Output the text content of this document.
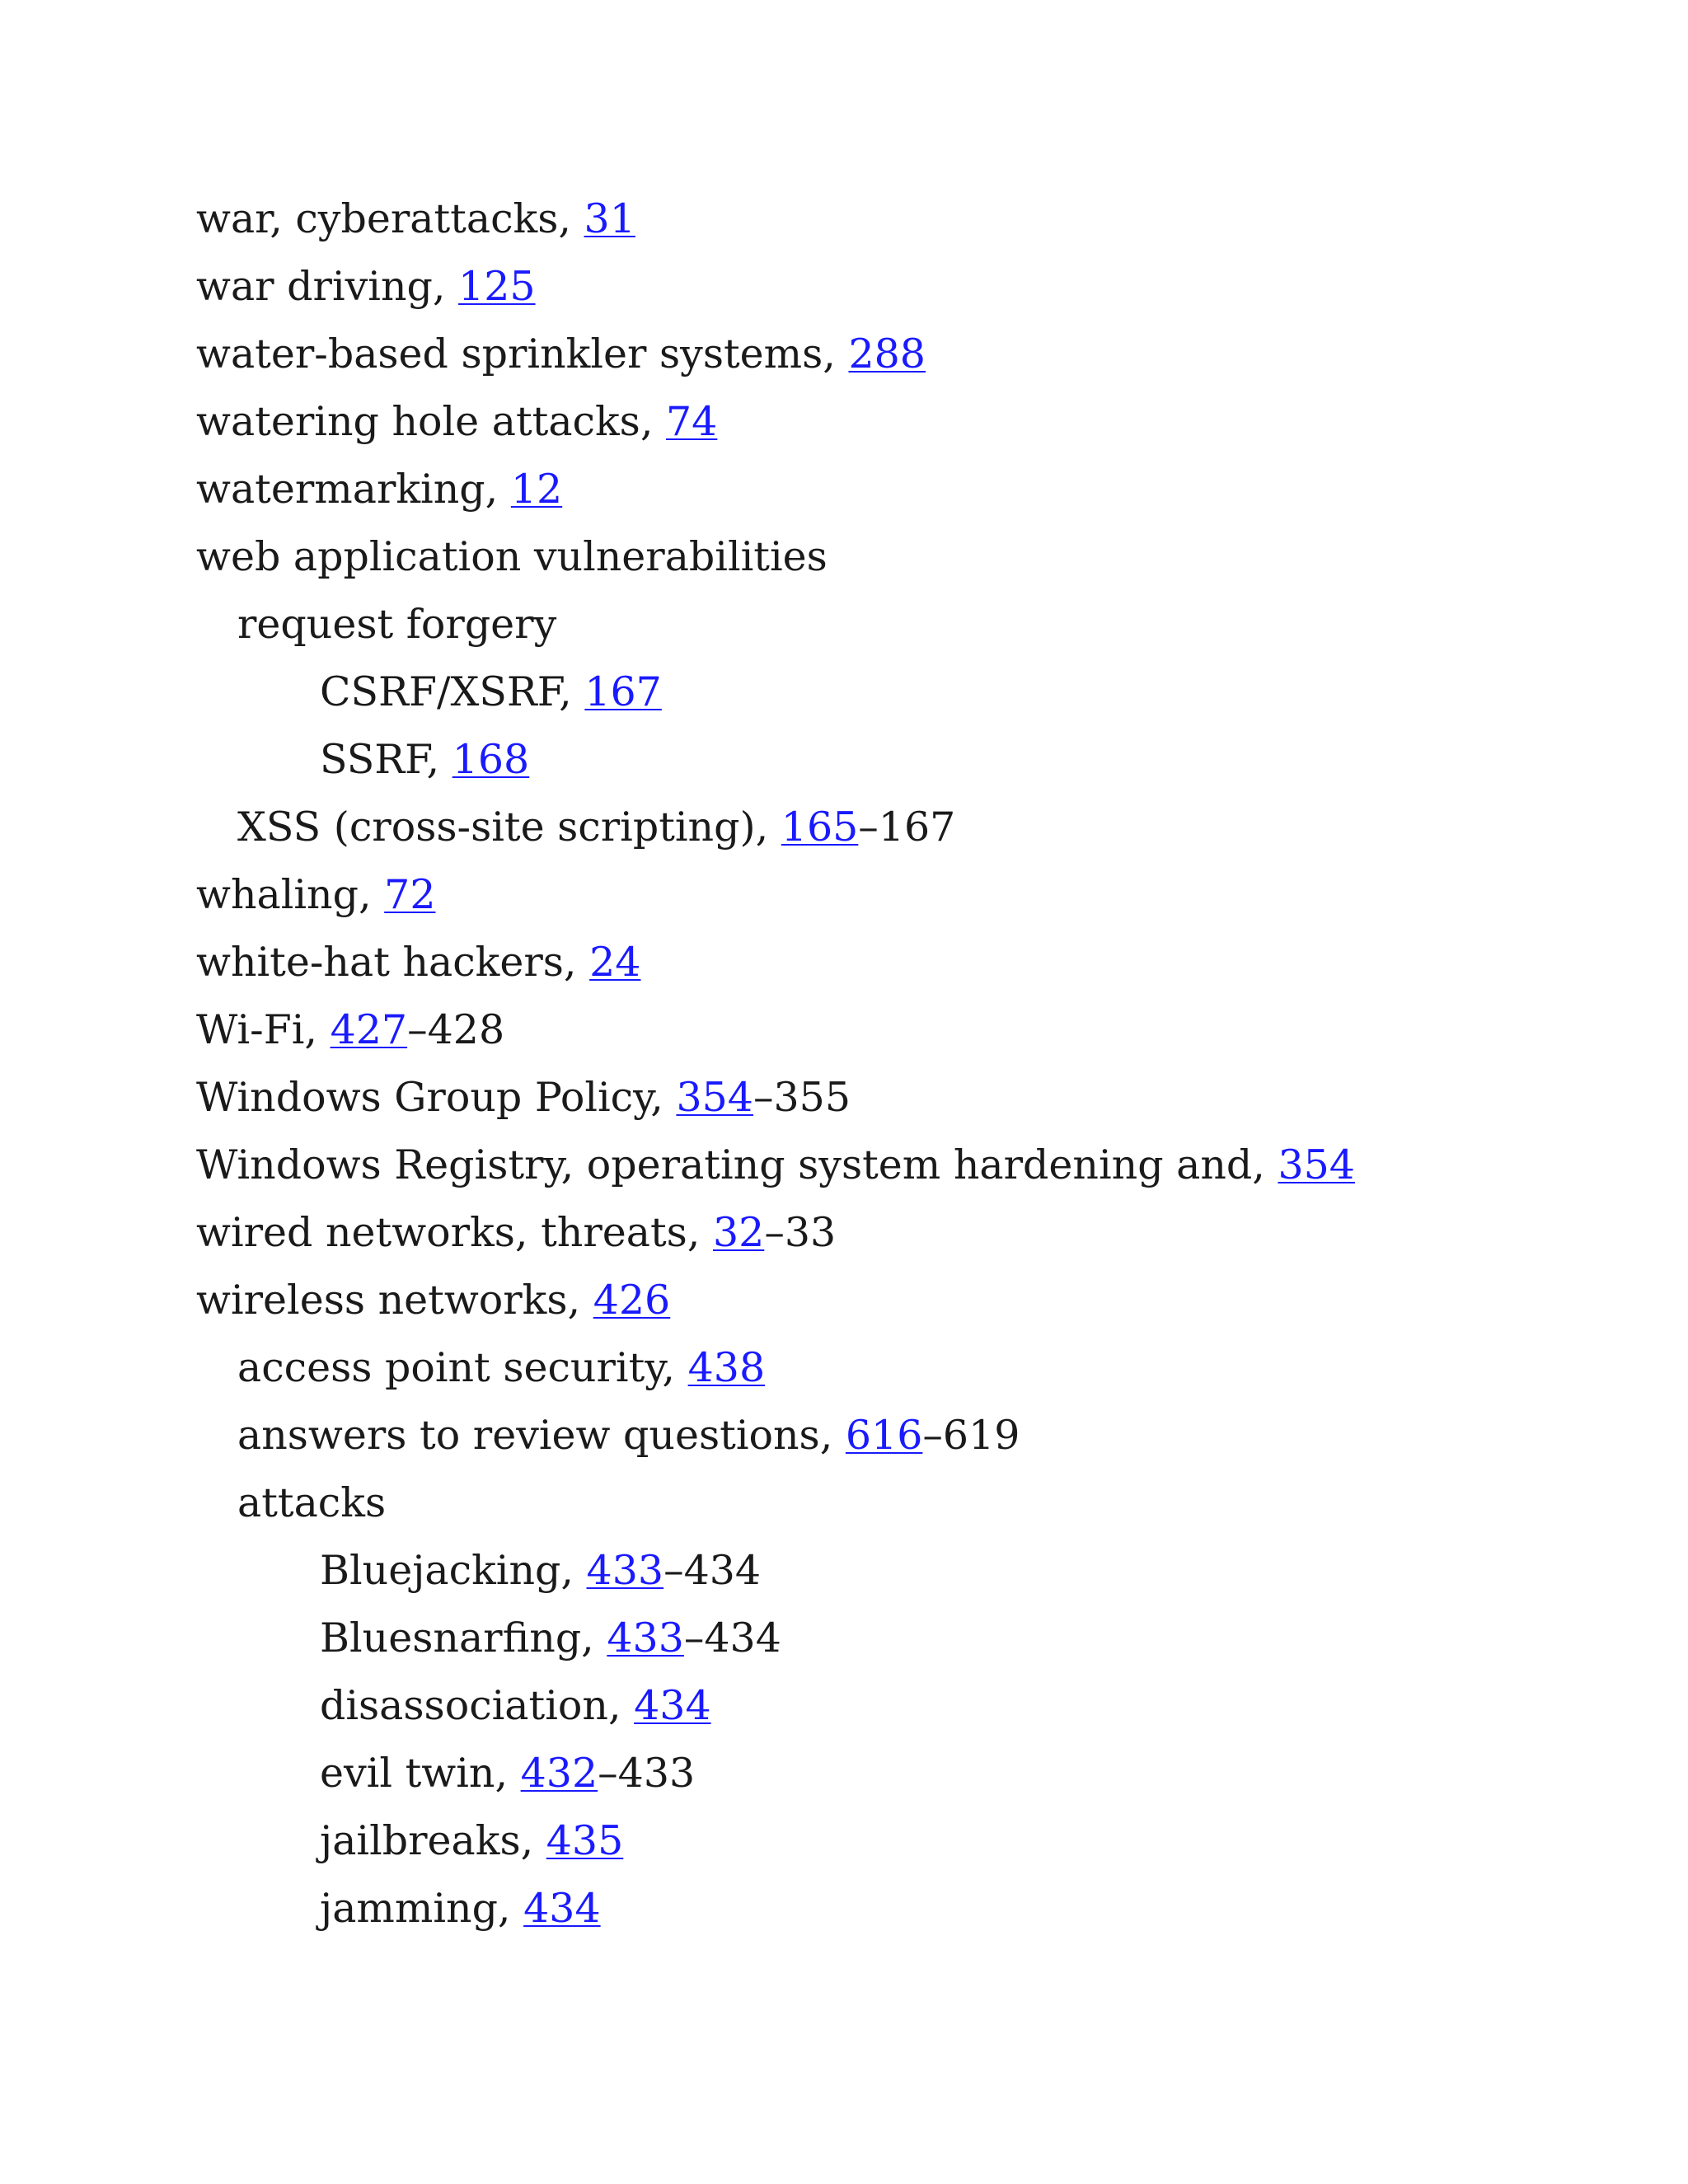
war, cyberattacks, 31
war driving, 125
water-based sprinkler systems, 288
watering hole attacks, 74
watermarking, 12
web application vulnerabilities
request forgery
CSRF/XSRF, 167
SSRF, 168
XSS (cross-site scripting), 165–167
whaling, 72
white-hat hackers, 24
Wi-Fi, 427–428
Windows Group Policy, 354–355
Windows Registry, operating system hardening and, 354
wired networks, threats, 32–33
wireless networks, 426
access point security, 438
answers to review questions, 616–619
attacks
Bluejacking, 433–434
Bluesnarfing, 433–434
disassociation, 434
evil twin, 432–433
jailbreaks, 435
jamming, 434
